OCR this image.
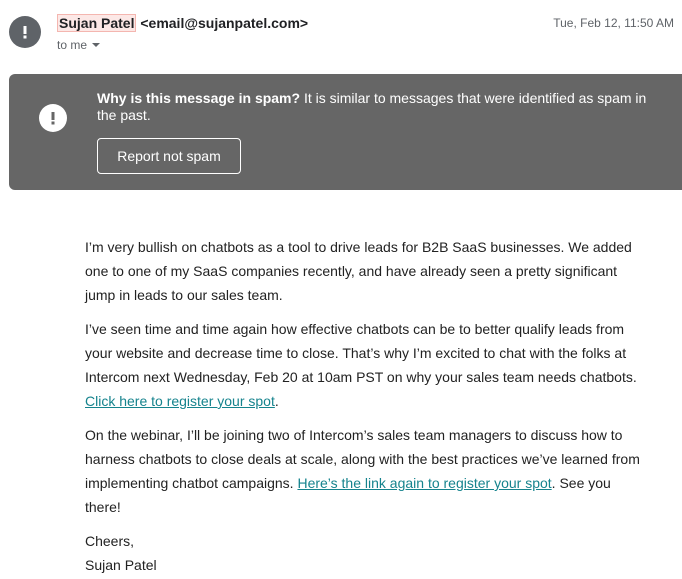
Sujan Patel <email@sujanpatel.com>
to me
Tue, Feb 12, 11:50 AM
Why is this message in spam? It is similar to messages that were identified as spam in the past.
Report not spam

I’m very bullish on chatbots as a tool to drive leads for B2B SaaS businesses. We added one to one of my SaaS companies recently, and have already seen a pretty significant jump in leads to our sales team.

I’ve seen time and time again how effective chatbots can be to better qualify leads from your website and decrease time to close. That’s why I’m excited to chat with the folks at Intercom next Wednesday, Feb 20 at 10am PST on why your sales team needs chatbots. Click here to register your spot.

On the webinar, I’ll be joining two of Intercom’s sales team managers to discuss how to harness chatbots to close deals at scale, along with the best practices we’ve learned from implementing chatbot campaigns. Here’s the link again to register your spot. See you there!

Cheers,

Sujan Patel
